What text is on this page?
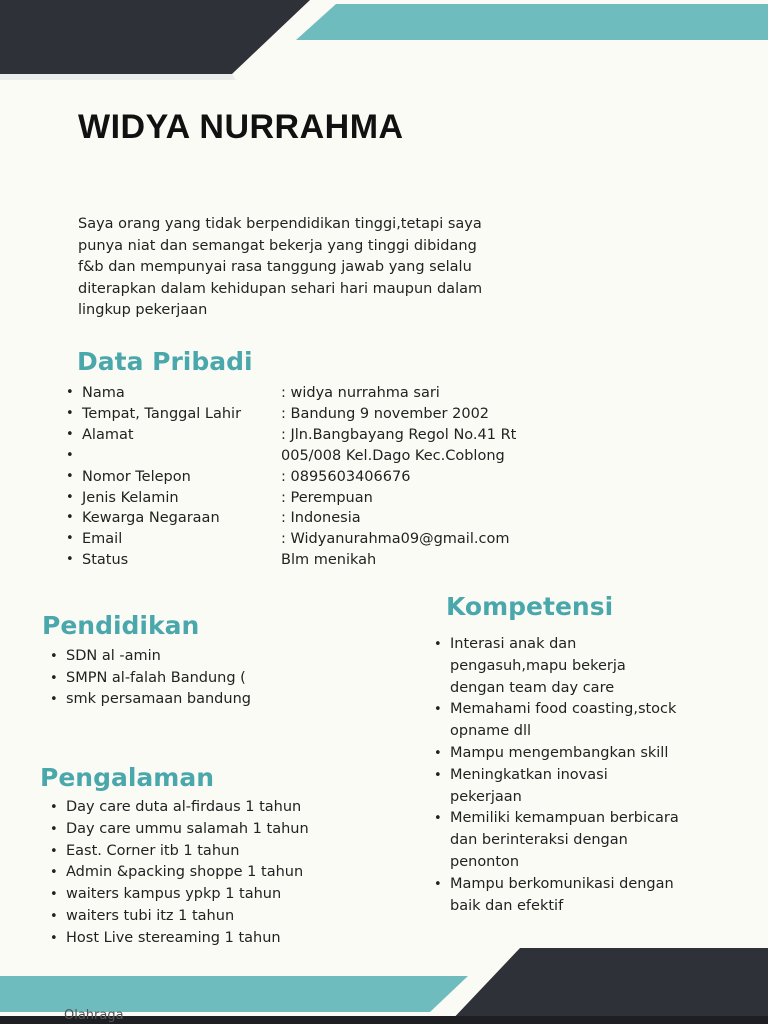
WIDYA NURRAHMA

Saya orang yang tidak berpendidikan tinggi,tetapi saya punya niat dan semangat bekerja yang tinggi dibidang f&b dan mempunyai rasa tanggung jawab yang selalu diterapkan dalam kehidupan sehari hari maupun dalam lingkup pekerjaan

Data Pribadi
• Nama	: widya nurrahma sari
• Tempat, Tanggal Lahir	: Bandung 9 november 2002
• Alamat	: Jln.Bangbayang Regol No.41 Rt
• 005/008 Kel.Dago Kec.Coblong
• Nomor Telepon	: 0895603406676
• Jenis Kelamin	: Perempuan
• Kewarga Negaraan	: Indonesia
• Email	: Widyanurahma09@gmail.com
• Status	Blm menikah
Pendidikan
• SDN al -amin
• SMPN al-falah Bandung (
• smk persamaan bandung
Pengalaman
• Day care duta al-firdaus 1 tahun
• Day care ummu salamah 1 tahun
• East. Corner itb 1 tahun
• Admin &packing shoppe 1 tahun
• waiters kampus ypkp 1 tahun
• waiters tubi itz 1 tahun
• Host Live stereaming 1 tahun
Kompetensi
• Interasi anak dan pengasuh,mapu bekerja dengan team day care
• Memahami food coasting,stock opname dll
• Mampu mengembangkan skill
• Meningkatkan inovasi pekerjaan
• Memiliki kemampuan berbicara dan berinteraksi dengan penonton
• Mampu berkomunikasi dengan baik dan efektif
Olahraga
